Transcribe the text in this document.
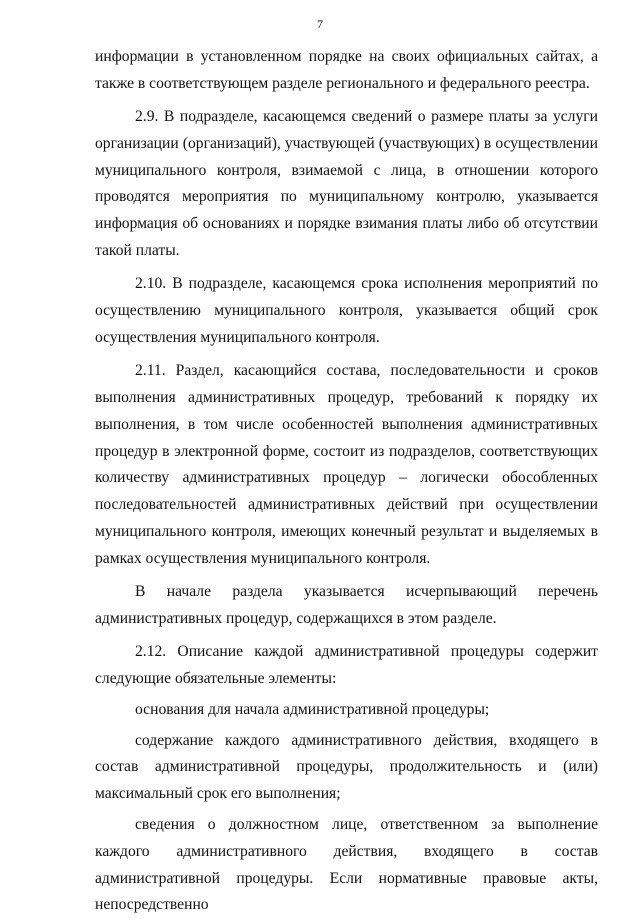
7

информации в установленном порядке на своих официальных сайтах, а также в соответствующем разделе регионального и федерального реестра.

2.9. В подразделе, касающемся сведений о размере платы за услуги организации (организаций), участвующей (участвующих) в осуществлении муниципального контроля, взимаемой с лица, в отношении которого проводятся мероприятия по муниципальному контролю, указывается информация об основаниях и порядке взимания платы либо об отсутствии такой платы.

2.10. В подразделе, касающемся срока исполнения мероприятий по осуществлению муниципального контроля, указывается общий срок осуществления муниципального контроля.

2.11. Раздел, касающийся состава, последовательности и сроков выполнения административных процедур, требований к порядку их выполнения, в том числе особенностей выполнения административных процедур в электронной форме, состоит из подразделов, соответствующих количеству административных процедур – логически обособленных последовательностей административных действий при осуществлении муниципального контроля, имеющих конечный результат и выделяемых в рамках осуществления муниципального контроля.

В начале раздела указывается исчерпывающий перечень административных процедур, содержащихся в этом разделе.

2.12. Описание каждой административной процедуры содержит следующие обязательные элементы:

основания для начала административной процедуры;

содержание каждого административного действия, входящего в состав административной процедуры, продолжительность и (или) максимальный срок его выполнения;

сведения о должностном лице, ответственном за выполнение каждого административного действия, входящего в состав административной процедуры. Если нормативные правовые акты, непосредственно
